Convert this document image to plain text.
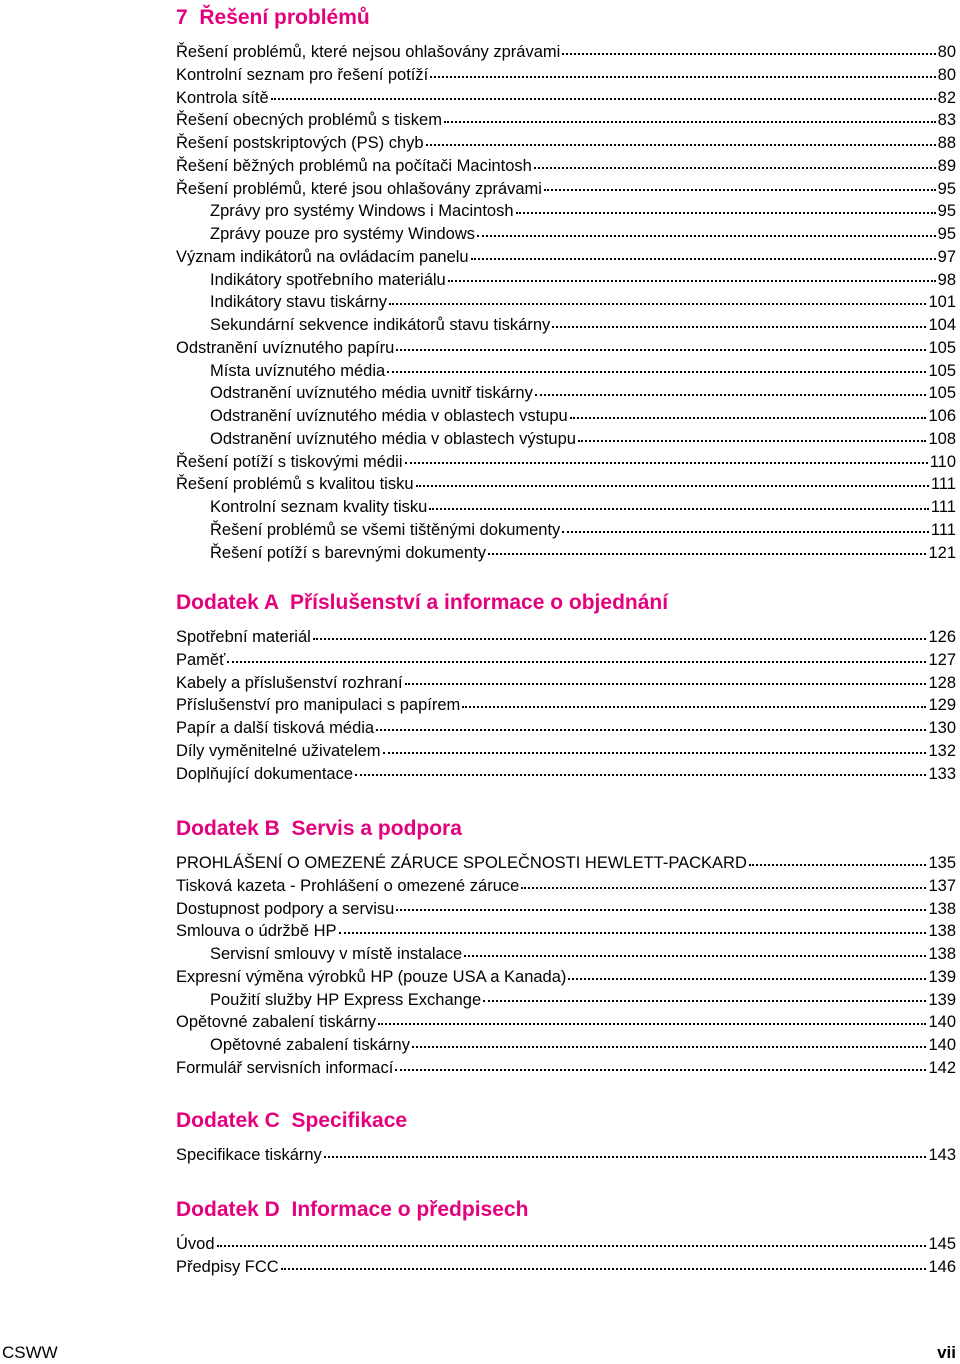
7  Řešení problémů
Řešení problémů, které nejsou ohlašovány zprávami	80
Kontrolní seznam pro řešení potíží	80
Kontrola sítě	82
Řešení obecných problémů s tiskem	83
Řešení postskriptových (PS) chyb	88
Řešení běžných problémů na počítači Macintosh	89
Řešení problémů, které jsou ohlašovány zprávami	95
Zprávy pro systémy Windows i Macintosh	95
Zprávy pouze pro systémy Windows	95
Význam indikátorů na ovládacím panelu	97
Indikátory spotřebního materiálu	98
Indikátory stavu tiskárny	101
Sekundární sekvence indikátorů stavu tiskárny	104
Odstranění uvíznutého papíru	105
Místa uvíznutého média	105
Odstranění uvíznutého média uvnitř tiskárny	105
Odstranění uvíznutého média v oblastech vstupu	106
Odstranění uvíznutého média v oblastech výstupu	108
Řešení potíží s tiskovými médii	110
Řešení problémů s kvalitou tisku	111
Kontrolní seznam kvality tisku	111
Řešení problémů se všemi tištěnými dokumenty	111
Řešení potíží s barevnými dokumenty	121
Dodatek A  Příslušenství a informace o objednání
Spotřební materiál	126
Paměť	127
Kabely a příslušenství rozhraní	128
Příslušenství pro manipulaci s papírem	129
Papír a další tisková média	130
Díly vyměnitelné uživatelem	132
Doplňující dokumentace	133
Dodatek B  Servis a podpora
PROHLÁŠENÍ O OMEZENÉ ZÁRUCE SPOLEČNOSTI HEWLETT-PACKARD	135
Tisková kazeta - Prohlášení o omezené záruce	137
Dostupnost podpory a servisu	138
Smlouva o údržbě HP	138
Servisní smlouvy v místě instalace	138
Expresní výměna výrobků HP (pouze USA a Kanada)	139
Použití služby HP Express Exchange	139
Opětovné zabalení tiskárny	140
Opětovné zabalení tiskárny	140
Formulář servisních informací	142
Dodatek C  Specifikace
Specifikace tiskárny	143
Dodatek D  Informace o předpisech
Úvod	145
Předpisy FCC	146
CSWW	vii
